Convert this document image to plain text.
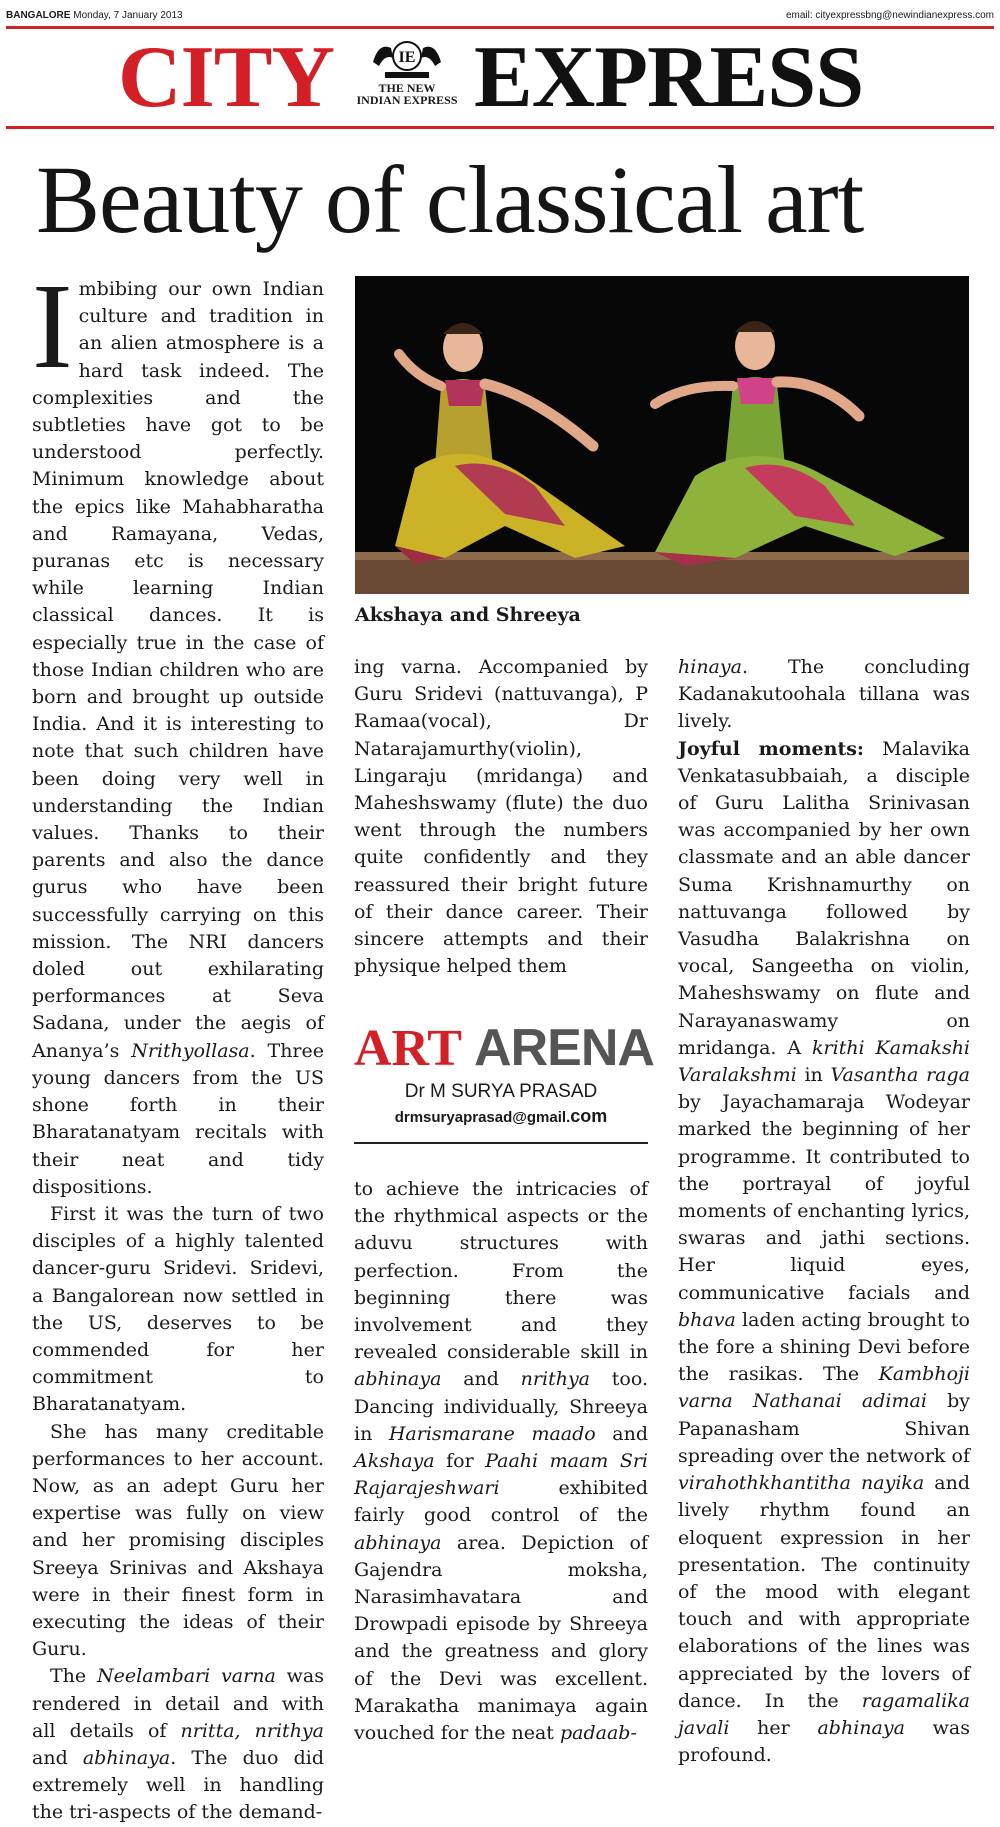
BANGALORE Monday, 7 January 2013	email: cityexpressbng@newindianexpress.com
CITY	IE
THE NEW
INDIAN EXPRESS EXPRESS
Beauty of classical art

Imbibing our own Indian culture and tradition in an alien atmosphere is a hard task indeed. The complexities and the subtleties have got to be understood perfectly. Minimum knowledge about the epics like Mahabharatha and Ramayana, Vedas, puranas etc is necessary while learning Indian classical dances. It is especially true in the case of those Indian children who are born and brought up outside India. And it is interesting to note that such children have been doing very well in understanding the Indian values. Thanks to their parents and also the dance gurus who have been successfully carrying on this mission. The NRI dancers doled out exhilarating performances at Seva Sadana, under the aegis of Ananya’s Nrithyollasa. Three young dancers from the US shone forth in their Bharatanatyam recitals with their neat and tidy dispositions.

First it was the turn of two disciples of a highly talented dancer-guru Sridevi. Sridevi, a Bangalorean now settled in the US, deserves to be commended for her commitment to Bharatanatyam.

She has many creditable performances to her account. Now, as an adept Guru her expertise was fully on view and her promising disciples Sreeya Srinivas and Akshaya were in their finest form in executing the ideas of their Guru.

The Neelambari varna was rendered in detail and with all details of nritta, nrithya and abhinaya. The duo did extremely well in handling the tri-aspects of the demand-

Akshaya and Shreeya

ing varna. Accompanied by Guru Sridevi (nattuvanga), P Ramaa(vocal), Dr Natarajamurthy(violin), Lingaraju (mridanga) and Maheshswamy (flute) the duo went through the numbers quite confidently and they reassured their bright future of their dance career. Their sincere attempts and their physique helped them

ART ARENA
Dr M SURYA PRASAD
drmsuryaprasad@gmail.com

to achieve the intricacies of the rhythmical aspects or the aduvu structures with perfection. From the beginning there was involvement and they revealed considerable skill in abhinaya and nrithya too. Dancing individually, Shreeya in Harismarane maado and Akshaya for Paahi maam Sri Rajarajeshwari exhibited fairly good control of the abhinaya area. Depiction of Gajendra moksha, Narasimhavatara and Drowpadi episode by Shreeya and the greatness and glory of the Devi was excellent. Marakatha manimaya again vouched for the neat padaab-

hinaya. The concluding Kadanakutoohala tillana was lively.

Joyful moments: Malavika Venkatasubbaiah, a disciple of Guru Lalitha Srinivasan was accompanied by her own classmate and an able dancer Suma Krishnamurthy on nattuvanga followed by Vasudha Balakrishna on vocal, Sangeetha on violin, Maheshswamy on flute and Narayanaswamy on mridanga. A krithi Kamakshi Varalakshmi in Vasantha raga by Jayachamaraja Wodeyar marked the beginning of her programme. It contributed to the portrayal of joyful moments of enchanting lyrics, swaras and jathi sections. Her liquid eyes, communicative facials and bhava laden acting brought to the fore a shining Devi before the rasikas. The Kambhoji varna Nathanai adimai by Papanasham Shivan spreading over the network of virahothkhantitha nayika and lively rhythm found an eloquent expression in her presentation. The continuity of the mood with elegant touch and with appropriate elaborations of the lines was appreciated by the lovers of dance. In the ragamalika javali her abhinaya was profound.
